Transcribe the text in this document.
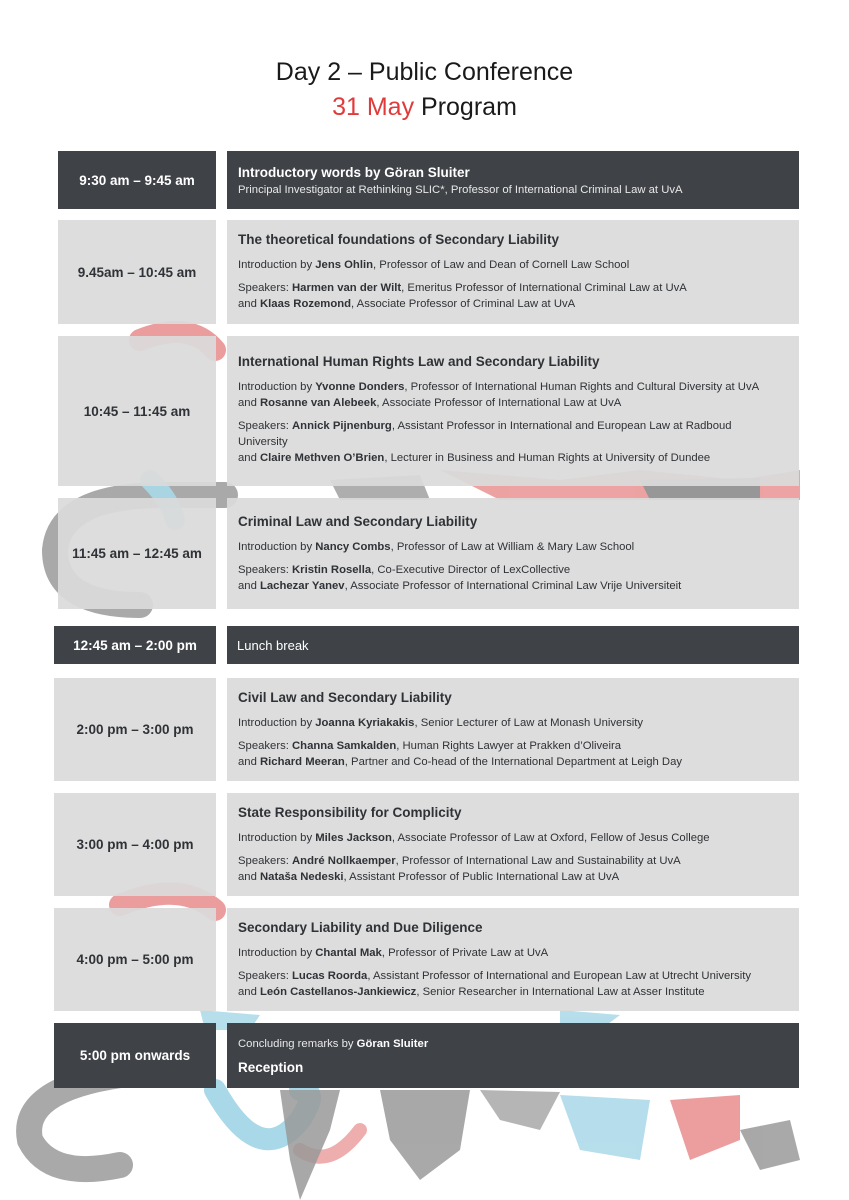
Day 2 – Public Conference
31 May Program
9:30 am – 9:45 am	Introductory words by Göran Sluiter
Principal Investigator at Rethinking SLIC*, Professor of International Criminal Law at UvA
9.45am – 10:45 am
The theoretical foundations of Secondary Liability
Introduction by Jens Ohlin, Professor of Law and Dean of Cornell Law School
Speakers: Harmen van der Wilt, Emeritus Professor of International Criminal Law at UvA
and Klaas Rozemond, Associate Professor of Criminal Law at UvA
10:45 – 11:45 am
International Human Rights Law and Secondary Liability
Introduction by Yvonne Donders, Professor of International Human Rights and Cultural Diversity at UvA
and Rosanne van Alebeek, Associate Professor of International Law at UvA
Speakers: Annick Pijnenburg, Assistant Professor in International and European Law at Radboud
University
and Claire Methven O’Brien, Lecturer in Business and Human Rights at University of Dundee
11:45 am – 12:45 am
Criminal Law and Secondary Liability
Introduction by Nancy Combs, Professor of Law at William & Mary Law School
Speakers: Kristin Rosella, Co-Executive Director of LexCollective
and Lachezar Yanev, Associate Professor of International Criminal Law Vrije Universiteit
12:45 am – 2:00 pm	Lunch break
2:00 pm – 3:00 pm
Civil Law and Secondary Liability
Introduction by Joanna Kyriakakis, Senior Lecturer of Law at Monash University
Speakers: Channa Samkalden, Human Rights Lawyer at Prakken d’Oliveira
and Richard Meeran, Partner and Co-head of the International Department at Leigh Day
3:00 pm – 4:00 pm
State Responsibility for Complicity
Introduction by Miles Jackson, Associate Professor of Law at Oxford, Fellow of Jesus College
Speakers: André Nollkaemper, Professor of International Law and Sustainability at UvA
and Nataša Nedeski, Assistant Professor of Public International Law at UvA
4:00 pm – 5:00 pm
Secondary Liability and Due Diligence
Introduction by Chantal Mak, Professor of Private Law at UvA
Speakers: Lucas Roorda, Assistant Professor of International and European Law at Utrecht University
and León Castellanos-Jankiewicz, Senior Researcher in International Law at Asser Institute
5:00 pm onwards
Concluding remarks by Göran Sluiter
Reception
